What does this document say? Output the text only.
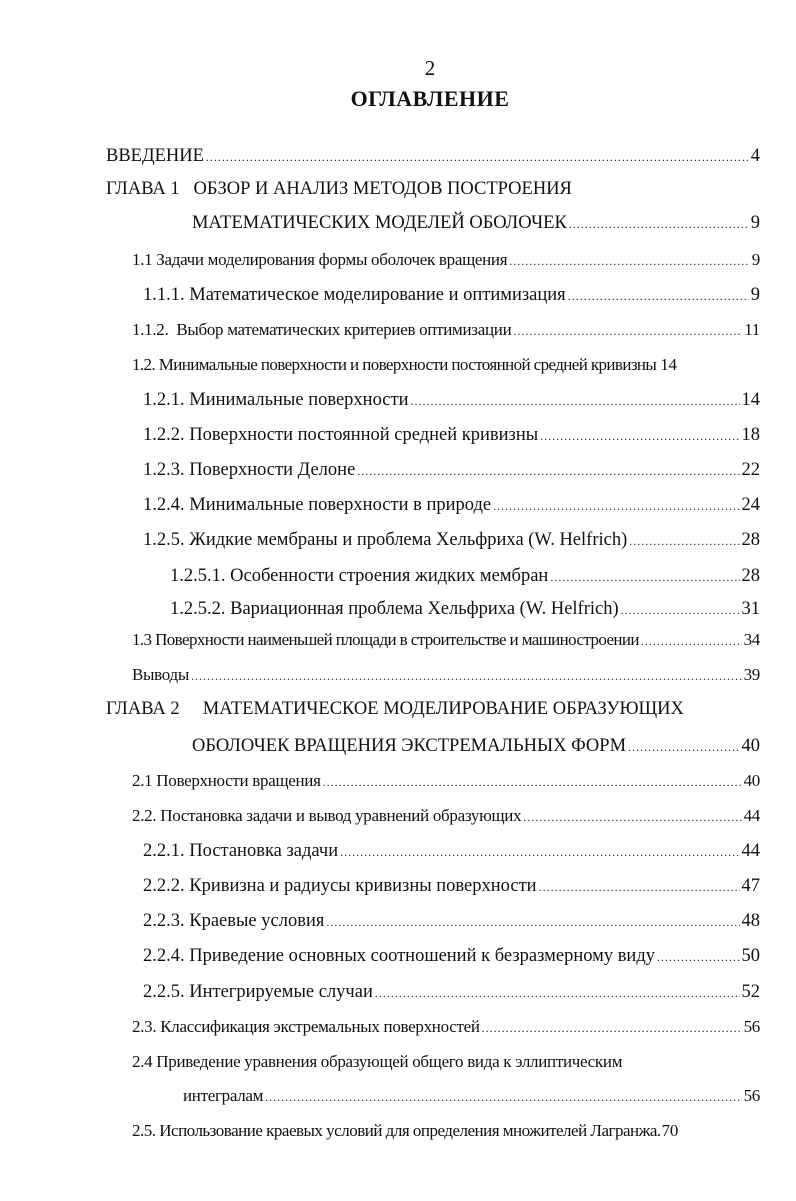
2
ОГЛАВЛЕНИЕ
ВВЕДЕНИЕ .....	4
ГЛАВА 1   ОБЗОР И АНАЛИЗ МЕТОДОВ ПОСТРОЕНИЯ
МАТЕМАТИЧЕСКИХ МОДЕЛЕЙ ОБОЛОЧЕК .....	9
1.1 Задачи моделирования формы оболочек вращения .....	9
1.1.1. Математическое моделирование и оптимизация .....	9
1.1.2.  Выбор математических критериев оптимизации .....	11
1.2. Минимальные поверхности и поверхности постоянной средней кривизны 14
1.2.1. Минимальные поверхности .....	14
1.2.2. Поверхности постоянной средней кривизны .....	18
1.2.3. Поверхности Делоне .....	22
1.2.4. Минимальные поверхности в природе .....	24
1.2.5. Жидкие мембраны и проблема Хельфриха (W. Helfrich) .....	28
1.2.5.1. Особенности строения жидких мембран .....	28
1.2.5.2. Вариационная проблема Хельфриха (W. Helfrich) .....	31
1.3 Поверхности наименьшей площади в строительстве и машиностроении .....	34
Выводы .....	39
ГЛАВА 2     МАТЕМАТИЧЕСКОЕ МОДЕЛИРОВАНИЕ ОБРАЗУЮЩИХ
ОБОЛОЧЕК ВРАЩЕНИЯ ЭКСТРЕМАЛЬНЫХ ФОРМ .....	40
2.1 Поверхности вращения .....	40
2.2. Постановка задачи и вывод уравнений образующих .....	44
2.2.1. Постановка задачи .....	44
2.2.2. Кривизна и радиусы кривизны поверхности .....	47
2.2.3. Краевые условия .....	48
2.2.4. Приведение основных соотношений к безразмерному виду .....	50
2.2.5. Интегрируемые случаи .....	52
2.3. Классификация экстремальных поверхностей .....	56
2.4 Приведение уравнения образующей общего вида к эллиптическим
интегралам .....	56
2.5. Использование краевых условий для определения множителей Лагранжа. 70
